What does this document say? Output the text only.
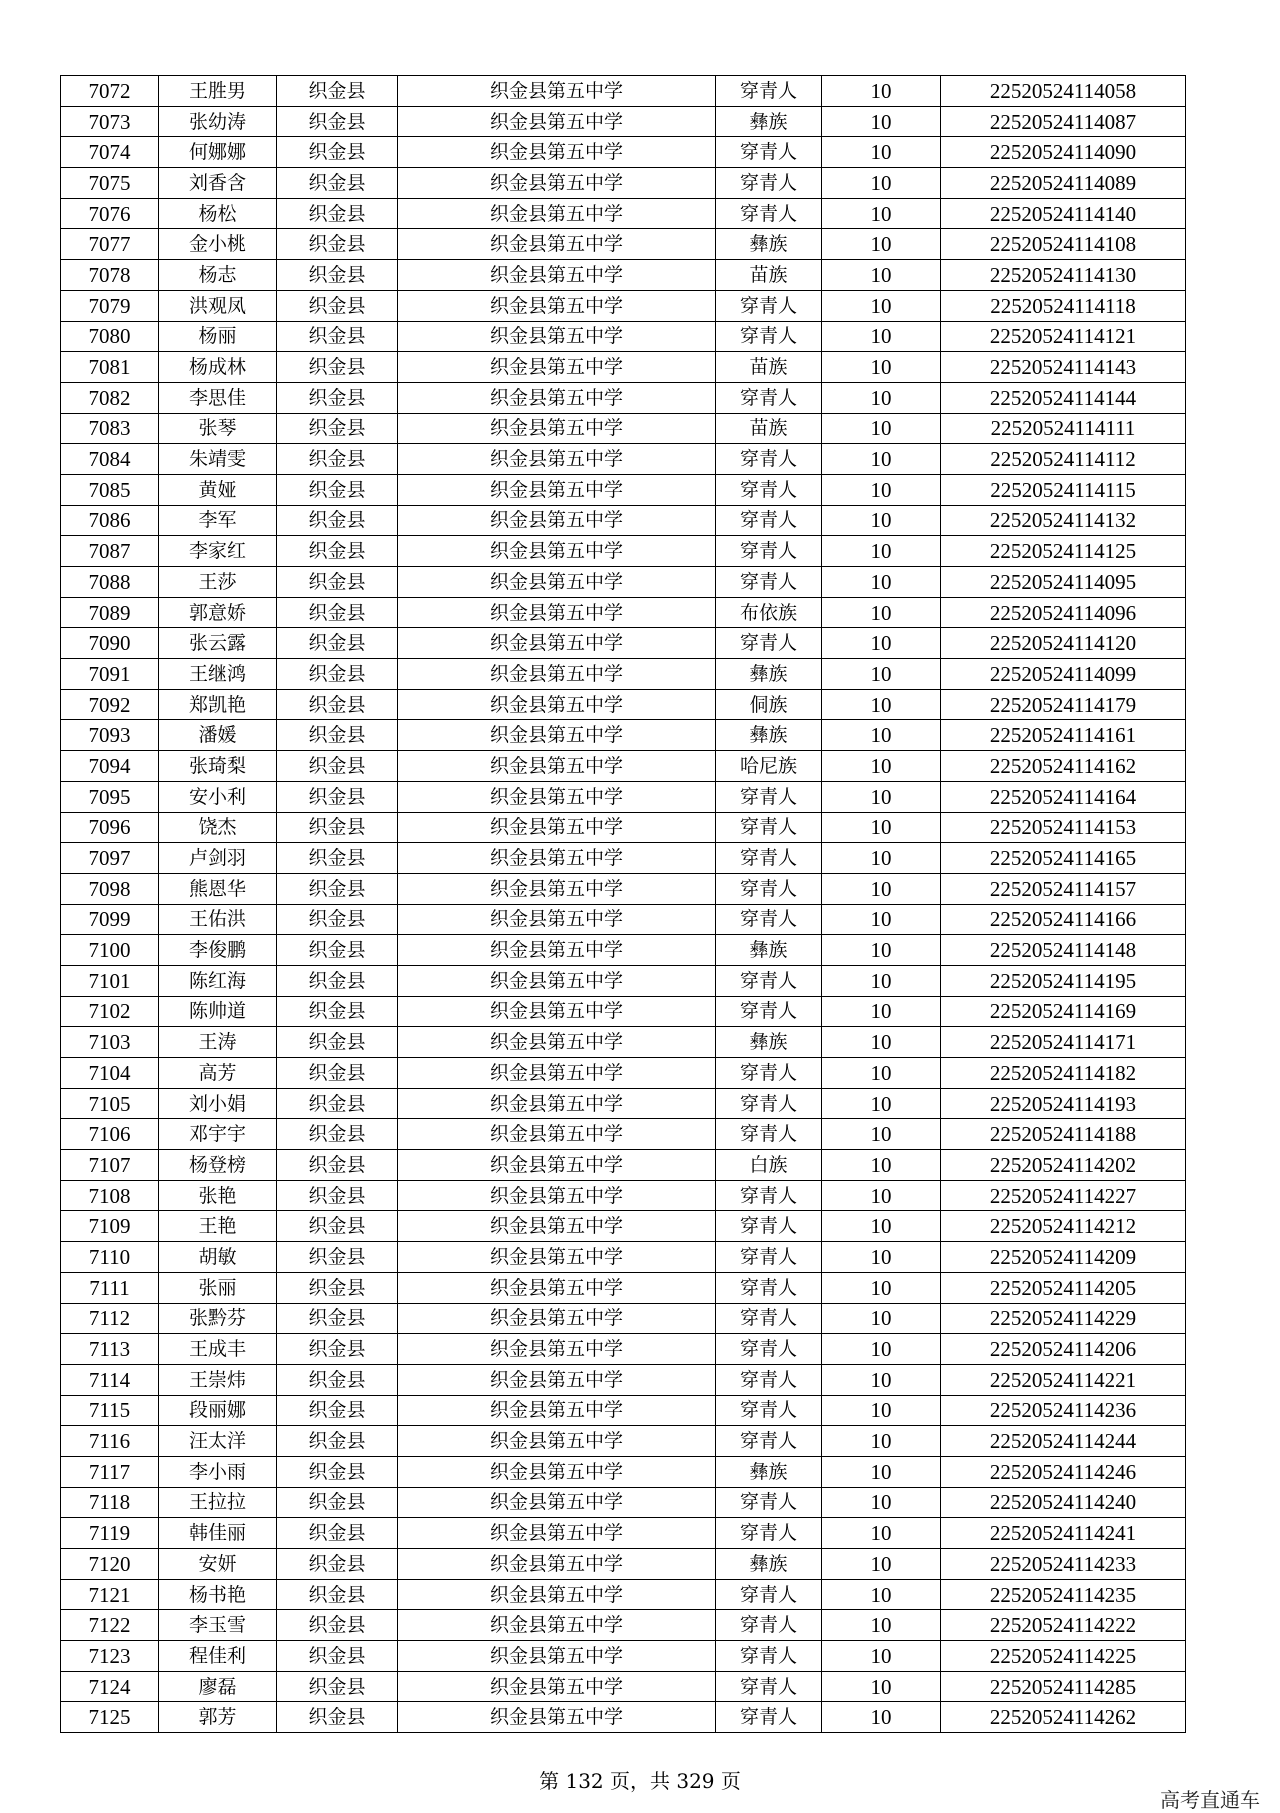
7072	王胜男	织金县	织金县第五中学	穿青人	10	22520524114058
7073	张幼涛	织金县	织金县第五中学	彝族	10	22520524114087
7074	何娜娜	织金县	织金县第五中学	穿青人	10	22520524114090
7075	刘香含	织金县	织金县第五中学	穿青人	10	22520524114089
7076	杨松	织金县	织金县第五中学	穿青人	10	22520524114140
7077	金小桃	织金县	织金县第五中学	彝族	10	22520524114108
7078	杨志	织金县	织金县第五中学	苗族	10	22520524114130
7079	洪观凤	织金县	织金县第五中学	穿青人	10	22520524114118
7080	杨丽	织金县	织金县第五中学	穿青人	10	22520524114121
7081	杨成林	织金县	织金县第五中学	苗族	10	22520524114143
7082	李思佳	织金县	织金县第五中学	穿青人	10	22520524114144
7083	张琴	织金县	织金县第五中学	苗族	10	22520524114111
7084	朱靖雯	织金县	织金县第五中学	穿青人	10	22520524114112
7085	黄娅	织金县	织金县第五中学	穿青人	10	22520524114115
7086	李军	织金县	织金县第五中学	穿青人	10	22520524114132
7087	李家红	织金县	织金县第五中学	穿青人	10	22520524114125
7088	王莎	织金县	织金县第五中学	穿青人	10	22520524114095
7089	郭意娇	织金县	织金县第五中学	布依族	10	22520524114096
7090	张云露	织金县	织金县第五中学	穿青人	10	22520524114120
7091	王继鸿	织金县	织金县第五中学	彝族	10	22520524114099
7092	郑凯艳	织金县	织金县第五中学	侗族	10	22520524114179
7093	潘媛	织金县	织金县第五中学	彝族	10	22520524114161
7094	张琦梨	织金县	织金县第五中学	哈尼族	10	22520524114162
7095	安小利	织金县	织金县第五中学	穿青人	10	22520524114164
7096	饶杰	织金县	织金县第五中学	穿青人	10	22520524114153
7097	卢剑羽	织金县	织金县第五中学	穿青人	10	22520524114165
7098	熊恩华	织金县	织金县第五中学	穿青人	10	22520524114157
7099	王佑洪	织金县	织金县第五中学	穿青人	10	22520524114166
7100	李俊鹏	织金县	织金县第五中学	彝族	10	22520524114148
7101	陈红海	织金县	织金县第五中学	穿青人	10	22520524114195
7102	陈帅道	织金县	织金县第五中学	穿青人	10	22520524114169
7103	王涛	织金县	织金县第五中学	彝族	10	22520524114171
7104	高芳	织金县	织金县第五中学	穿青人	10	22520524114182
7105	刘小娟	织金县	织金县第五中学	穿青人	10	22520524114193
7106	邓宇宇	织金县	织金县第五中学	穿青人	10	22520524114188
7107	杨登榜	织金县	织金县第五中学	白族	10	22520524114202
7108	张艳	织金县	织金县第五中学	穿青人	10	22520524114227
7109	王艳	织金县	织金县第五中学	穿青人	10	22520524114212
7110	胡敏	织金县	织金县第五中学	穿青人	10	22520524114209
7111	张丽	织金县	织金县第五中学	穿青人	10	22520524114205
7112	张黔芬	织金县	织金县第五中学	穿青人	10	22520524114229
7113	王成丰	织金县	织金县第五中学	穿青人	10	22520524114206
7114	王崇炜	织金县	织金县第五中学	穿青人	10	22520524114221
7115	段丽娜	织金县	织金县第五中学	穿青人	10	22520524114236
7116	汪太洋	织金县	织金县第五中学	穿青人	10	22520524114244
7117	李小雨	织金县	织金县第五中学	彝族	10	22520524114246
7118	王拉拉	织金县	织金县第五中学	穿青人	10	22520524114240
7119	韩佳丽	织金县	织金县第五中学	穿青人	10	22520524114241
7120	安妍	织金县	织金县第五中学	彝族	10	22520524114233
7121	杨书艳	织金县	织金县第五中学	穿青人	10	22520524114235
7122	李玉雪	织金县	织金县第五中学	穿青人	10	22520524114222
7123	程佳利	织金县	织金县第五中学	穿青人	10	22520524114225
7124	廖磊	织金县	织金县第五中学	穿青人	10	22520524114285
7125	郭芳	织金县	织金县第五中学	穿青人	10	22520524114262
第 132 页，共 329 页
高考直通车
